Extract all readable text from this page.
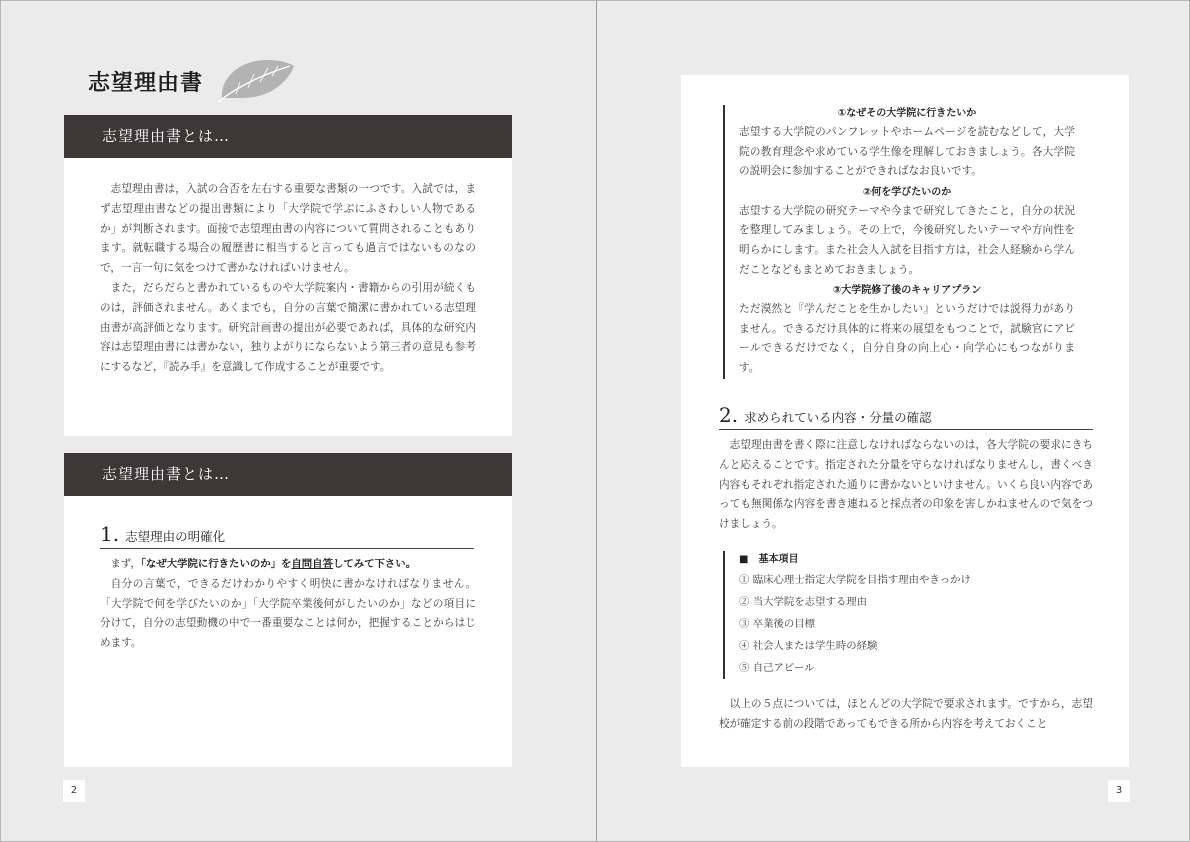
志望理由書
志望理由書とは…

志望理由書は，入試の合否を左右する重要な書類の一つです。入試では，まず志望理由書などの提出書類により「大学院で学ぶにふさわしい人物であるか」が判断されます。面接で志望理由書の内容について質問されることもあります。就転職する場合の履歴書に相当すると言っても過言ではないものなので，一言一句に気をつけて書かなければいけません。

また，だらだらと書かれているものや大学院案内・書籍からの引用が続くものは，評価されません。あくまでも，自分の言葉で簡潔に書かれている志望理由書が高評価となります。研究計画書の提出が必要であれば，具体的な研究内容は志望理由書には書かない，独りよがりにならないよう第三者の意見も参考にするなど，『読み手』を意識して作成することが重要です。

志望理由書とは…
1. 志望理由の明確化

まず，「なぜ大学院に行きたいのか」を自問自答してみて下さい。

自分の言葉で，できるだけわかりやすく明快に書かなければなりません。「大学院で何を学びたいのか」「大学院卒業後何がしたいのか」などの項目に分けて，自分の志望動機の中で一番重要なことは何か，把握することからはじめます。

2
①なぜその大学院に行きたいか
志望する大学院のパンフレットやホームページを読むなどして，大学院の教育理念や求めている学生像を理解しておきましょう。各大学院の説明会に参加することができればなお良いです。
②何を学びたいのか
志望する大学院の研究テーマや今まで研究してきたこと，自分の状況を整理してみましょう。その上で，今後研究したいテーマや方向性を明らかにします。また社会人入試を目指す方は，社会人経験から学んだことなどもまとめておきましょう。
③大学院修了後のキャリアプラン
ただ漠然と『学んだことを生かしたい』というだけでは説得力がありません。できるだけ具体的に将来の展望をもつことで，試験官にアピールできるだけでなく，自分自身の向上心・向学心にもつながります。
2. 求められている内容・分量の確認

志望理由書を書く際に注意しなければならないのは，各大学院の要求にきちんと応えることです。指定された分量を守らなければなりませんし，書くべき内容もそれぞれ指定された通りに書かないといけません。いくら良い内容であっても無関係な内容を書き連ねると採点者の印象を害しかねませんので気をつけましょう。

■　基本項目
① 臨床心理士指定大学院を目指す理由やきっかけ
② 当大学院を志望する理由
③ 卒業後の目標
④ 社会人または学生時の経験
⑤ 自己アピール

以上の５点については，ほとんどの大学院で要求されます。ですから，志望校が確定する前の段階であってもできる所から内容を考えておくこと

3
